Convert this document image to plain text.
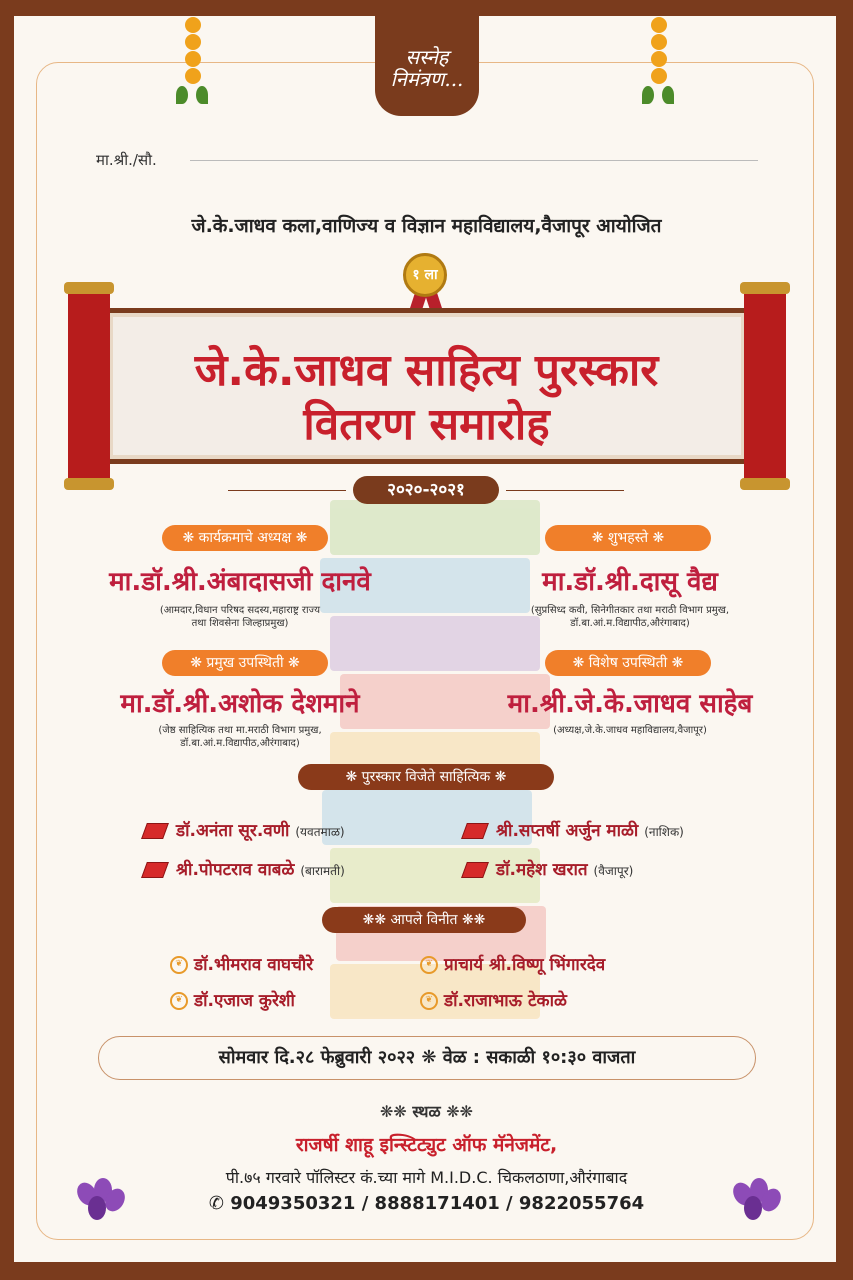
सस्नेह
निमंत्रण...
मा.श्री./सौ.
जे.के.जाधव कला,वाणिज्य व विज्ञान महाविद्यालय,वैजापूर आयोजित
१ ला
जे.के.जाधव साहित्य पुरस्कार
वितरण समारोह
२०२०-२०२१
❋ कार्यक्रमाचे अध्यक्ष ❋
मा.डॉ.श्री.अंबादासजी दानवे
(आमदार,विधान परिषद सदस्य,महाराष्ट्र राज्य
तथा शिवसेना जिल्हाप्रमुख)
❋ शुभहस्ते ❋
मा.डॉ.श्री.दासू वैद्य
(सुप्रसिध्द कवी, सिनेगीतकार तथा मराठी विभाग प्रमुख,
डॉ.बा.आं.म.विद्यापीठ,औरंगाबाद)
❋ प्रमुख उपस्थिती ❋
मा.डॉ.श्री.अशोक देशमाने
(जेष्ठ साहित्यिक तथा मा.मराठी विभाग प्रमुख,
डॉ.बा.आं.म.विद्यापीठ,औरंगाबाद)
❋ विशेष उपस्थिती ❋
मा.श्री.जे.के.जाधव साहेब
(अध्यक्ष,जे.के.जाधव महाविद्यालय,वैजापूर)
❋ पुरस्कार विजेते साहित्यिक ❋
डॉ.अनंता सूर.वणी (यवतमाळ)	श्री.सप्तर्षी अर्जुन माळी (नाशिक)
श्री.पोपटराव वाबळे (बारामती)	डॉ.महेश खरात (वैजापूर)
❋❋ आपले विनीत ❋❋
❦ डॉ.भीमराव वाघचौरे	❦ प्राचार्य श्री.विष्णू भिंगारदेव
❦ डॉ.एजाज कुरेशी	❦ डॉ.राजाभाऊ टेकाळे
सोमवार दि.२८ फेब्रुवारी २०२२ ❋ वेळ : सकाळी १०:३० वाजता
❋❋ स्थळ ❋❋
राजर्षी शाहू इन्स्टिट्युट ऑफ मॅनेजमेंट,
पी.७५ गरवारे पॉलिस्टर कं.च्या मागे M.I.D.C. चिकलठाणा,औरंगाबाद
✆ 9049350321 / 8888171401 / 9822055764
